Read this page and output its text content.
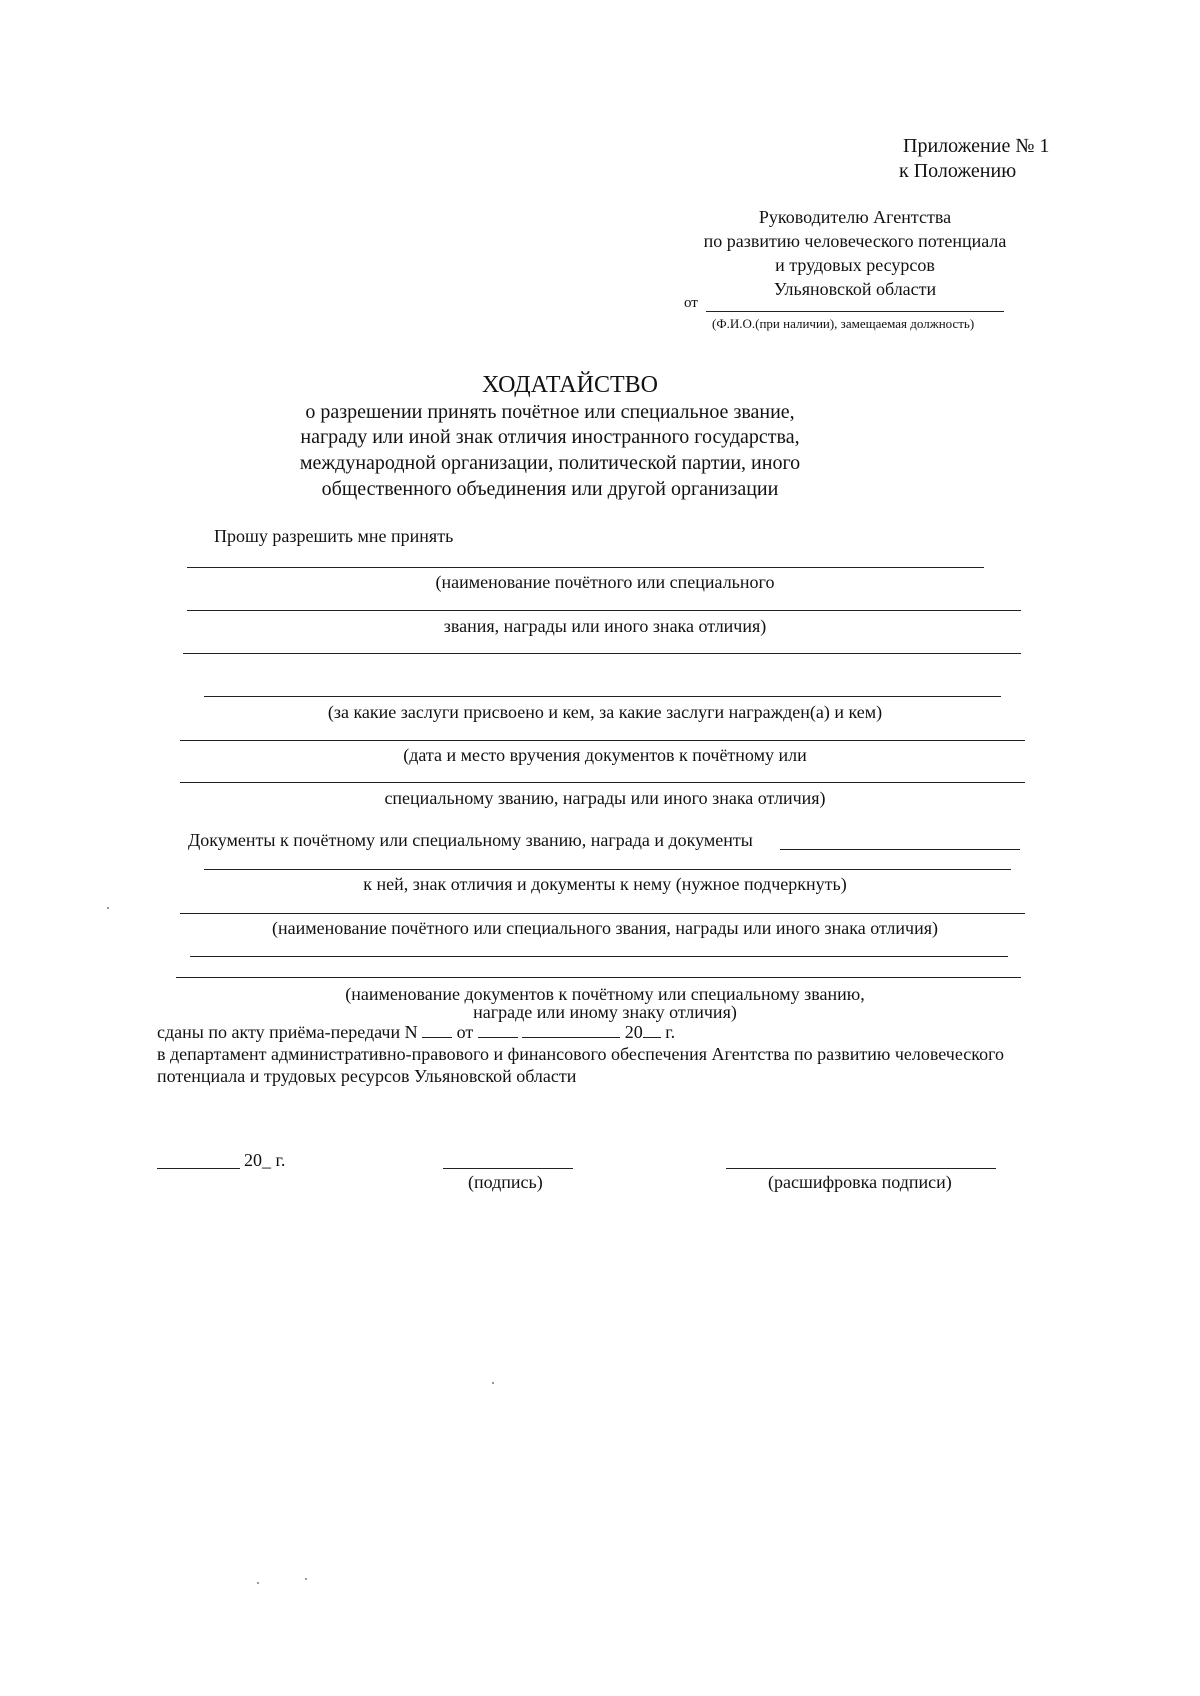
Приложение № 1
к Положению
Руководителю Агентства
по развитию человеческого потенциала
и трудовых ресурсов
Ульяновской области
от
(Ф.И.О.(при наличии), замещаемая должность)
ХОДАТАЙСТВО
о разрешении принять почётное или специальное звание,
награду или иной знак отличия иностранного государства,
международной организации, политической партии, иного
общественного объединения или другой организации
Прошу разрешить мне принять
(наименование почётного или специального
звания, награды или иного знака отличия)
(за какие заслуги присвоено и кем, за какие заслуги награжден(а) и кем)
(дата и место вручения документов к почётному или
специальному званию, награды или иного знака отличия)
Документы к почётному или специальному званию, награда и документы
к ней, знак отличия и документы к нему (нужное подчеркнуть)
(наименование почётного или специального звания, награды или иного знака отличия)
(наименование документов к почётному или специальному званию,
награде или иному знаку отличия)
сданы по акту приёма-передачи N от	20 г.
в департамент административно-правового и финансового обеспечения Агентства по развитию человеческого
потенциала и трудовых ресурсов Ульяновской области
20_ г.
(подпись)	(расшифровка подписи)
